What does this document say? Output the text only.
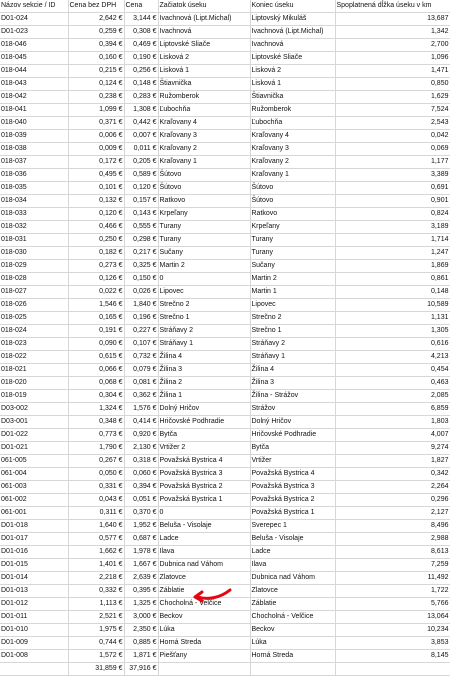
Názov sekcie / ID	Cena bez DPH	Cena	Začiatok úseku	Koniec úseku	Spoplatnená dĺžka úseku v km
D01-024	2,642 €	3,144 €	Ivachnová (Lipt.Michal)	Liptovský Mikuláš	13,687
D01-023	0,259 €	0,308 €	Ivachnová	Ivachnová (Lipt.Michal)	1,342
018-046	0,394 €	0,469 €	Liptovské Sliače	Ivachnová	2,700
018-045	0,160 €	0,190 €	Lisková 2	Liptovské Sliače	1,096
018-044	0,215 €	0,256 €	Lisková 1	Lisková 2	1,471
018-043	0,124 €	0,148 €	Štiavnička	Lisková 1	0,850
018-042	0,238 €	0,283 €	Ružomberok	Štiavnička	1,629
018-041	1,099 €	1,308 €	Ľubochňa	Ružomberok	7,524
018-040	0,371 €	0,442 €	Kraľovany 4	Ľubochňa	2,543
018-039	0,006 €	0,007 €	Kraľovany 3	Kraľovany 4	0,042
018-038	0,009 €	0,011 €	Kraľovany 2	Kraľovany 3	0,069
018-037	0,172 €	0,205 €	Kraľovany 1	Kraľovany 2	1,177
018-036	0,495 €	0,589 €	Šútovo	Kraľovany 1	3,389
018-035	0,101 €	0,120 €	Šútovo	Šútovo	0,691
018-034	0,132 €	0,157 €	Ratkovo	Šútovo	0,901
018-033	0,120 €	0,143 €	Krpeľany	Ratkovo	0,824
018-032	0,466 €	0,555 €	Turany	Krpeľany	3,189
018-031	0,250 €	0,298 €	Turany	Turany	1,714
018-030	0,182 €	0,217 €	Sučany	Turany	1,247
018-029	0,273 €	0,325 €	Martin 2	Sučany	1,869
018-028	0,126 €	0,150 €	0	Martin 2	0,861
018-027	0,022 €	0,026 €	Lipovec	Martin 1	0,148
018-026	1,546 €	1,840 €	Strečno 2	Lipovec	10,589
018-025	0,165 €	0,196 €	Strečno 1	Strečno 2	1,131
018-024	0,191 €	0,227 €	Stráňavy 2	Strečno 1	1,305
018-023	0,090 €	0,107 €	Stráňavy 1	Stráňavy 2	0,616
018-022	0,615 €	0,732 €	Žilina 4	Stráňavy 1	4,213
018-021	0,066 €	0,079 €	Žilina 3	Žilina 4	0,454
018-020	0,068 €	0,081 €	Žilina 2	Žilina 3	0,463
018-019	0,304 €	0,362 €	Žilina 1	Žilina - Strážov	2,085
D03-002	1,324 €	1,576 €	Dolný Hričov	Strážov	6,859
D03-001	0,348 €	0,414 €	Hričovské Podhradie	Dolný Hričov	1,803
D01-022	0,773 €	0,920 €	Bytča	Hričovské Podhradie	4,007
D01-021	1,790 €	2,130 €	Vrtižer 2	Bytča	9,274
061-005	0,267 €	0,318 €	Považská Bystrica 4	Vrtižer	1,827
061-004	0,050 €	0,060 €	Považská Bystrica 3	Považská Bystrica 4	0,342
061-003	0,331 €	0,394 €	Považská Bystrica 2	Považská Bystrica 3	2,264
061-002	0,043 €	0,051 €	Považská Bystrica 1	Považská Bystrica 2	0,296
061-001	0,311 €	0,370 €	0	Považská Bystrica 1	2,127
D01-018	1,640 €	1,952 €	Beluša - Visolaje	Sverepec 1	8,496
D01-017	0,577 €	0,687 €	Ladce	Beluša - Visolaje	2,988
D01-016	1,662 €	1,978 €	Ilava	Ladce	8,613
D01-015	1,401 €	1,667 €	Dubnica nad Váhom	Ilava	7,259
D01-014	2,218 €	2,639 €	Zlatovce	Dubnica nad Váhom	11,492
D01-013	0,332 €	0,395 €	Záblatie	Zlatovce	1,722
D01-012	1,113 €	1,325 €	Chocholná - Velčice	Záblatie	5,766
D01-011	2,521 €	3,000 €	Beckov	Chocholná - Velčice	13,064
D01-010	1,975 €	2,350 €	Lúka	Beckov	10,234
D01-009	0,744 €	0,885 €	Horná Streda	Lúka	3,853
D01-008	1,572 €	1,871 €	Piešťany	Horná Streda	8,145
	31,859 €	37,916 €			
